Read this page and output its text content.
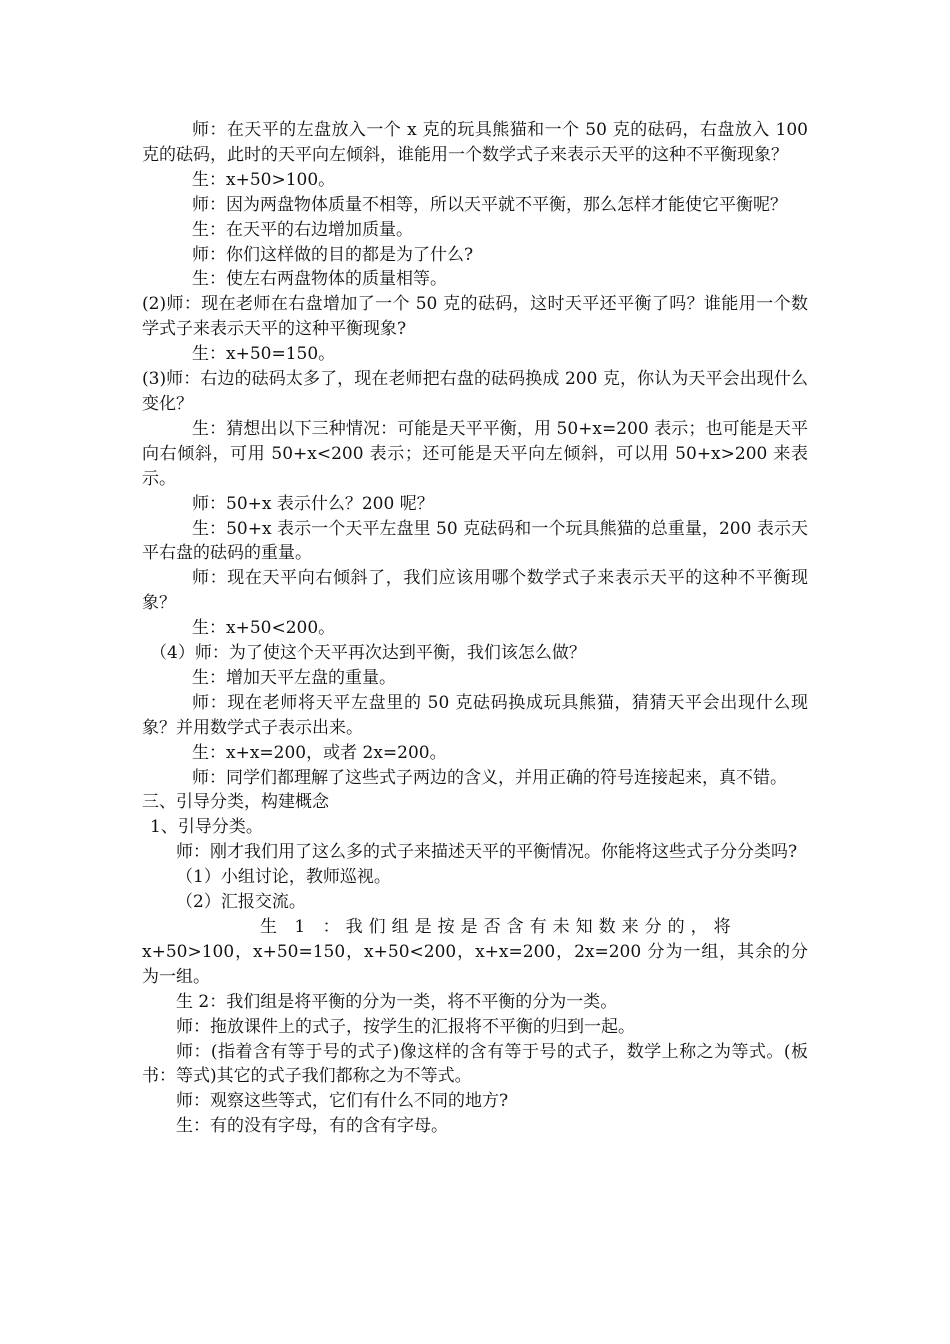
师：在天平的左盘放入一个 x 克的玩具熊猫和一个 50 克的砝码，右盘放入 100 克的砝码，此时的天平向左倾斜，谁能用一个数学式子来表示天平的这种不平衡现象？

生：x+50>100。

师：因为两盘物体质量不相等，所以天平就不平衡，那么怎样才能使它平衡呢？

生：在天平的右边增加质量。

师：你们这样做的目的都是为了什么?

生：使左右两盘物体的质量相等。

(2)师：现在老师在右盘增加了一个 50 克的砝码，这时天平还平衡了吗？谁能用一个数学式子来表示天平的这种平衡现象?

生：x+50=150。

(3)师：右边的砝码太多了，现在老师把右盘的砝码换成 200 克，你认为天平会出现什么变化？

生：猜想出以下三种情况：可能是天平平衡，用 50+x=200 表示；也可能是天平向右倾斜，可用 50+x<200 表示；还可能是天平向左倾斜，可以用 50+x>200 来表示。

师：50+x 表示什么？200 呢？

生：50+x 表示一个天平左盘里 50 克砝码和一个玩具熊猫的总重量，200 表示天平右盘的砝码的重量。

师：现在天平向右倾斜了，我们应该用哪个数学式子来表示天平的这种不平衡现象？

生：x+50<200。

（4）师：为了使这个天平再次达到平衡，我们该怎么做？

生：增加天平左盘的重量。

师：现在老师将天平左盘里的 50 克砝码换成玩具熊猫，猜猜天平会出现什么现象？并用数学式子表示出来。

生：x+x=200，或者 2x=200。

师：同学们都理解了这些式子两边的含义，并用正确的符号连接起来，真不错。

三、引导分类，构建概念

1、引导分类。

师：刚才我们用了这么多的式子来描述天平的平衡情况。你能将这些式子分分类吗?

（1）小组讨论，教师巡视。

（2）汇报交流。

生 1 ：我们组是按是否含有未知数来分的，将

x+50>100，x+50=150，x+50<200，x+x=200，2x=200 分为一组，其余的分为一组。

生 2：我们组是将平衡的分为一类，将不平衡的分为一类。

师：拖放课件上的式子，按学生的汇报将不平衡的归到一起。

师：(指着含有等于号的式子)像这样的含有等于号的式子，数学上称之为等式。(板书：等式)其它的式子我们都称之为不等式。

师：观察这些等式，它们有什么不同的地方?

生：有的没有字母，有的含有字母。
